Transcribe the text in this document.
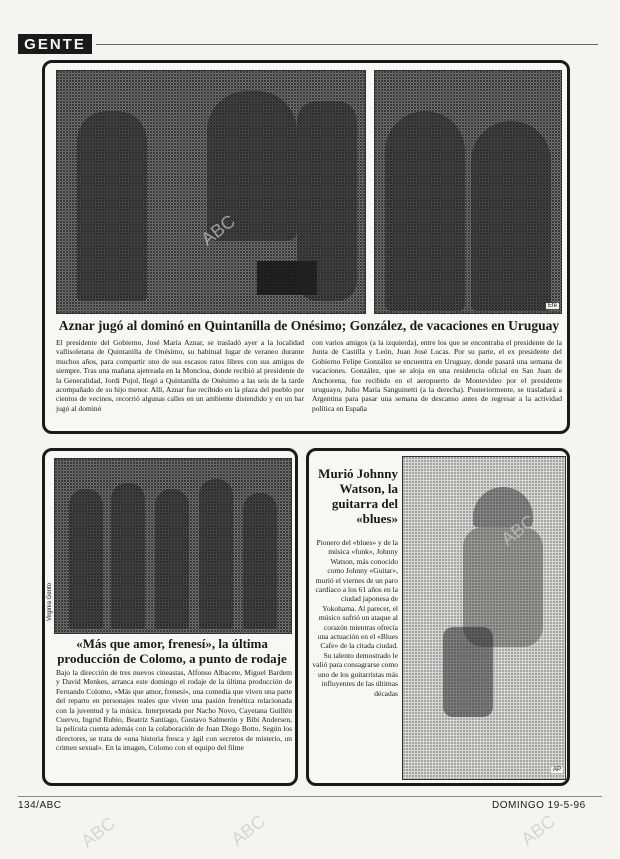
GENTE
Efe
Aznar jugó al dominó en Quintanilla de Onésimo; González, de vacaciones en Uruguay
El presidente del Gobierno, José María Aznar, se trasladó ayer a la localidad vallisoletana de Quintanilla de Onésimo, su habitual lugar de veraneo durante muchos años, para compartir uno de sus escasos ratos libres con sus amigos de siempre. Tras una mañana ajetreada en la Moncloa, donde recibió al presidente de la Generalidad, Jordi Pujol, llegó a Quintanilla de Onésimo a las seis de la tarde acompañado de su hijo menor. Allí, Aznar fue recibido en la plaza del pueblo por cientos de vecinos, recorrió algunas calles en un ambiente distendido y en un bar jugó al dominó
con varios amigos (a la izquierda), entre los que se encontraba el presidente de la Junta de Castilla y León, Juan José Lucas. Por su parte, el ex presidente del Gobierno Felipe González se encuentra en Uruguay, donde pasará una semana de vacaciones. González, que se aloja en una residencia oficial en San Juan de Anchorena, fue recibido en el aeropuerto de Montevideo por el presidente uruguayo, Julio María Sanguinetti (a la derecha). Posteriormente, se trasladará a Argentina para pasar una semana de descanso antes de regresar a la actividad política en España
Virginia Gento
«Más que amor, frenesí», la última producción de Colomo, a punto de rodaje
Bajo la dirección de tres nuevos cineastas, Alfonso Albacete, Miguel Bardem y David Menkes, arranca este domingo el rodaje de la última producción de Fernando Colomo, «Más que amor, frenesí», una comedia que viven una parte del reparto en personajes reales que viven una pasión frenética relacionada con la juventud y la música. Interpretada por Nacho Novo, Cayetana Guillén Cuervo, Ingrid Rubio, Beatriz Santiago, Gustavo Salmerón y Bibi Andersen, la película cuenta además con la colaboración de Juan Diego Botto. Según los directores, se trata de «una historia fresca y ágil con secretos de misterio, un crimen sexual». En la imagen, Colomo con el equipo del filme
AP
Murió Johnny Watson, la guitarra del «blues»
Pionero del «blues» y de la música «funk», Johnny Watson, más conocido como Johnny «Guitar», murió el viernes de un paro cardíaco a los 61 años en la ciudad japonesa de Yokohama. Al parecer, el músico sufrió un ataque al corazón mientras ofrecía una actuación en el «Blues Cafe» de la citada ciudad. Su talento demostrado le valió para consagrarse como uno de los guitarristas más influyentes de las últimas décadas
134/ABC	DOMINGO 19-5-96
ABC
ABC
ABC	ABC
ABC
